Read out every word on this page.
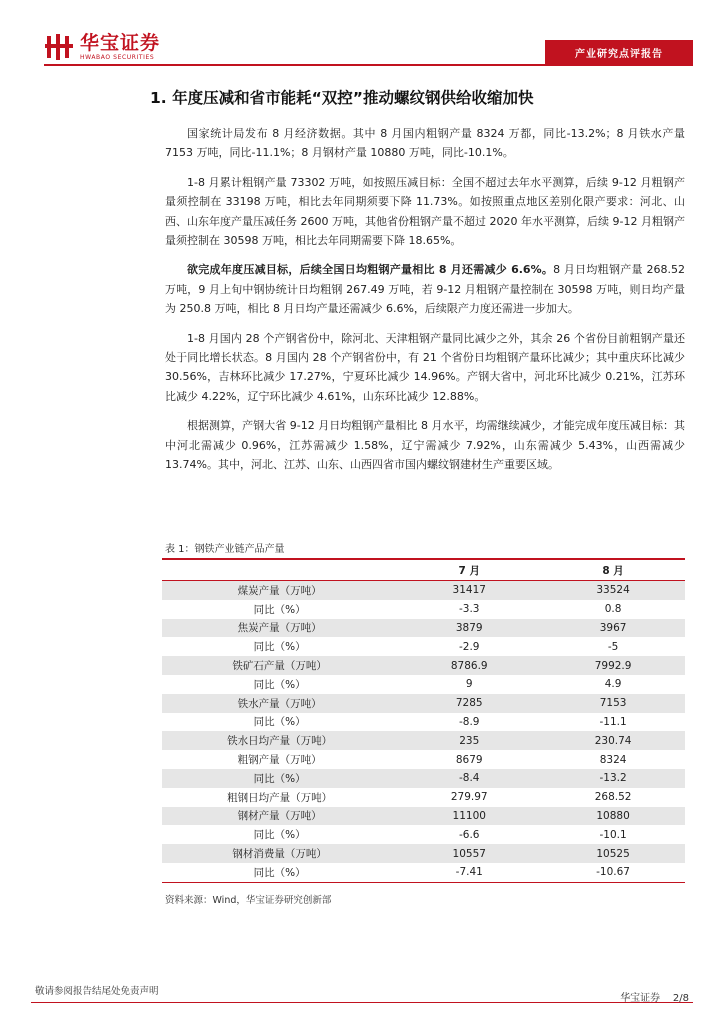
华宝证券
HWABAO SECURITIES	产业研究点评报告
1. 年度压减和省市能耗“双控”推动螺纹钢供给收缩加快

国家统计局发布 8 月经济数据。其中 8 月国内粗钢产量 8324 万都，同比-13.2%；8 月铁水产量 7153 万吨，同比-11.1%；8 月钢材产量 10880 万吨，同比-10.1%。

1-8 月累计粗钢产量 73302 万吨，如按照压减目标：全国不超过去年水平测算，后续 9-12 月粗钢产量须控制在 33198 万吨，相比去年同期须要下降 11.73%。如按照重点地区差别化限产要求：河北、山西、山东年度产量压减任务 2600 万吨，其他省份粗钢产量不超过 2020 年水平测算，后续 9-12 月粗钢产量须控制在 30598 万吨，相比去年同期需要下降 18.65%。

欲完成年度压减目标，后续全国日均粗钢产量相比 8 月还需减少 6.6%。8 月日均粗钢产量 268.52 万吨，9 月上旬中钢协统计日均粗钢 267.49 万吨，若 9-12 月粗钢产量控制在 30598 万吨，则日均产量为 250.8 万吨，相比 8 月日均产量还需减少 6.6%，后续限产力度还需进一步加大。

1-8 月国内 28 个产钢省份中，除河北、天津粗钢产量同比减少之外，其余 26 个省份目前粗钢产量还处于同比增长状态。8 月国内 28 个产钢省份中，有 21 个省份日均粗钢产量环比减少；其中重庆环比减少 30.56%，吉林环比减少 17.27%，宁夏环比减少 14.96%。产钢大省中，河北环比减少 0.21%，江苏环比减少 4.22%，辽宁环比减少 4.61%，山东环比减少 12.88%。

根据测算，产钢大省 9-12 月日均粗钢产量相比 8 月水平，均需继续减少，才能完成年度压减目标：其中河北需减少 0.96%，江苏需减少 1.58%，辽宁需减少 7.92%，山东需减少 5.43%，山西需减少 13.74%。其中，河北、江苏、山东、山西四省市国内螺纹钢建材生产重要区域。

表 1：钢铁产业链产品产量
	7 月	8 月
煤炭产量（万吨）	31417	33524
同比（%）	-3.3	0.8
焦炭产量（万吨）	3879	3967
同比（%）	-2.9	-5
铁矿石产量（万吨）	8786.9	7992.9
同比（%）	9	4.9
铁水产量（万吨）	7285	7153
同比（%）	-8.9	-11.1
铁水日均产量（万吨）	235	230.74
粗钢产量（万吨）	8679	8324
同比（%）	-8.4	-13.2
粗钢日均产量（万吨）	279.97	268.52
钢材产量（万吨）	11100	10880
同比（%）	-6.6	-10.1
钢材消费量（万吨）	10557	10525
同比（%）	-7.41	-10.67
资料来源：Wind，华宝证券研究创新部
敬请参阅报告结尾处免责声明
华宝证券 2/8
